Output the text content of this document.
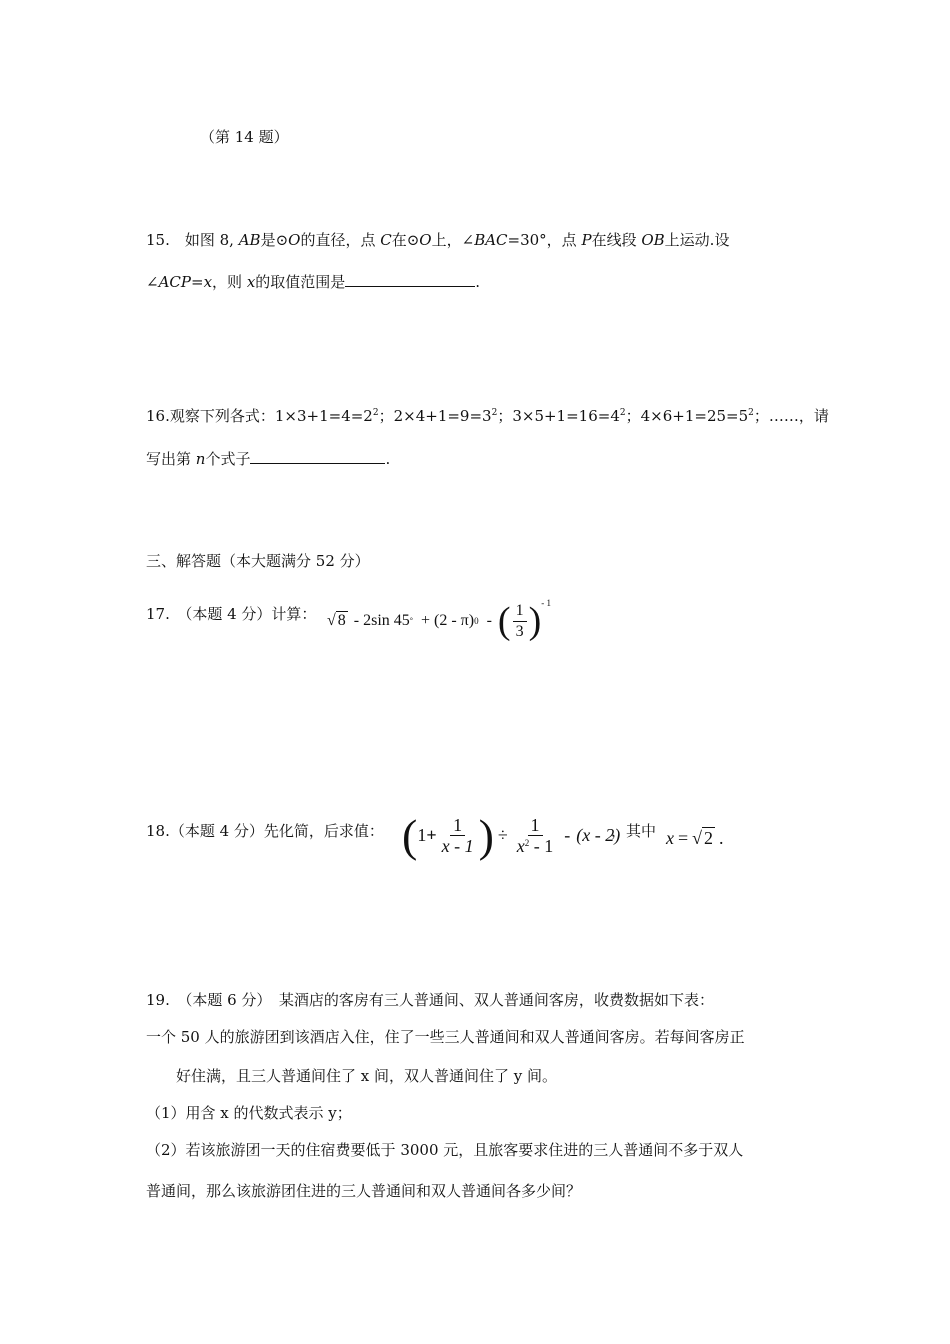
（第 14 题）
15.　如图 8, AB是⊙O的直径，点 C在⊙O上，∠BAC=30°，点 P在线段 OB上运动.设
∠ACP=x，则 x的取值范围是	.
16.观察下列各式：$1\times 3+1=4=2^2$；$2\times 4+1=9=3^2$；$3\times 5+1=16=4^2$；$4\times 6+1=25=5^2$；……，请
写出第 n个式子	.
三、解答题（本大题满分 52 分）
17.　（本题 4 分）计算： √ 8 - 2sin 45 ° + (2 - π) 0 - ( $\frac{1}{3}$ ) - 1
18.（本题 4 分）先化简，后求值： ( $1 + \frac{1}{x - 1}$ ) ÷ $\frac{1}{x^2 - 1} - (x - 2)$
，其中 x = √ 2 .
19.　（本题 6 分）　某酒店的客房有三人普通间、双人普通间客房，收费数据如下表：
一个 50 人的旅游团到该酒店入住，住了一些三人普通间和双人普通间客房。若每间客房正
好住满，且三人普通间住了 x 间，双人普通间住了 y 间。
（1）用含 x 的代数式表示 y；
（2）若该旅游团一天的住宿费要低于 3000 元，且旅客要求住进的三人普通间不多于双人
普通间，那么该旅游团住进的三人普通间和双人普通间各多少间？
